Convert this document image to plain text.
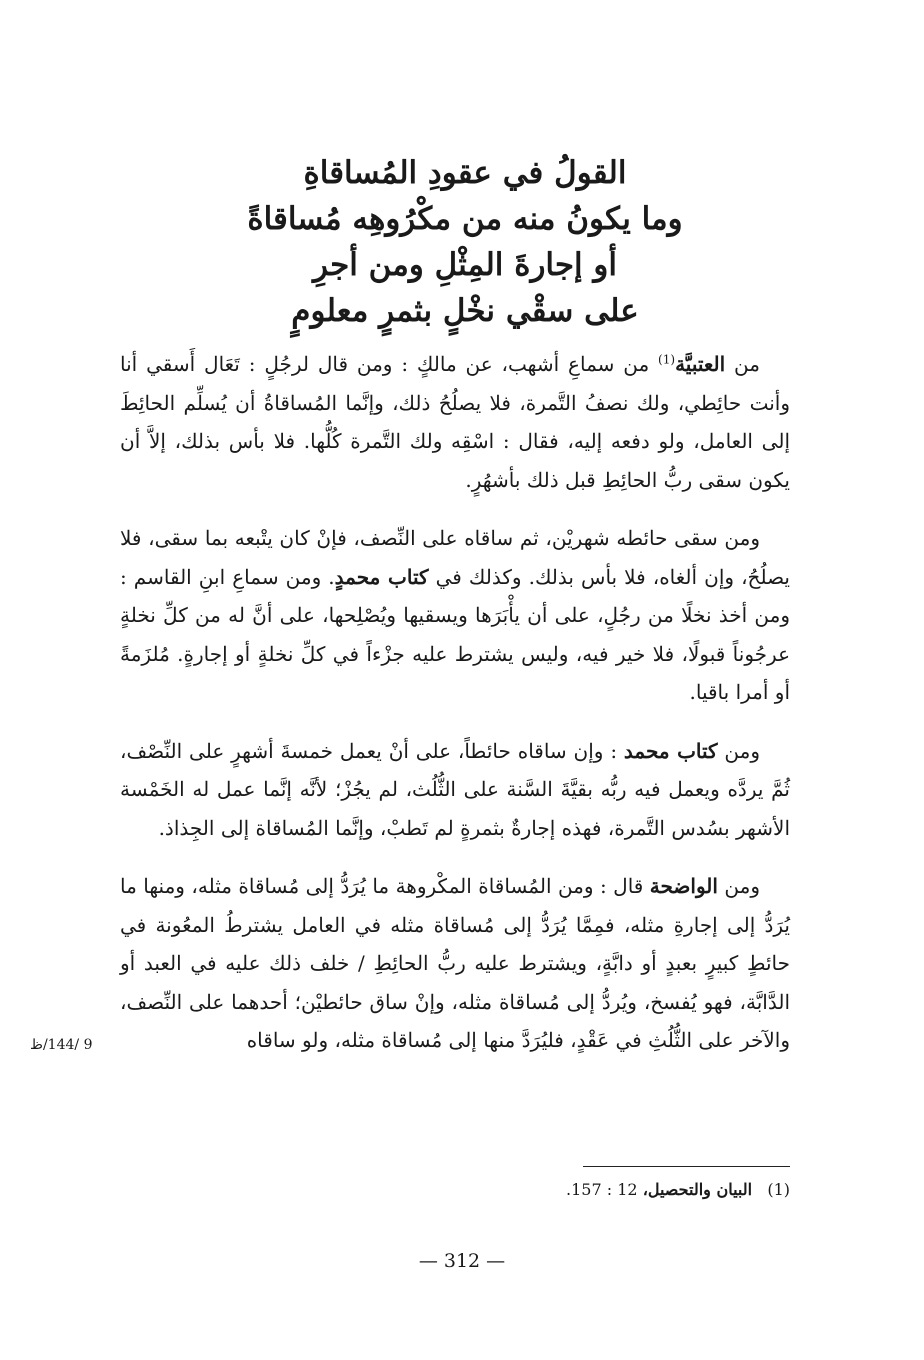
القولُ في عقودِ المُساقاةِ
وما يكونُ منه من مكْرُوهِه مُساقاةً
أو إجارةَ المِثْلِ ومن أجرِ
على سقْي نخْلٍ بثمرٍ معلومٍ

من العتبيَّة$^{(1)}$ من سماعِ أشهب، عن مالكٍ : ومن قال لرجُلٍ : تَعَال أَسقي أنا وأنت حائِطي، ولك نصفُ التَّمرة، فلا يصلُحُ ذلك، وإنَّما المُساقاةُ أن يُسلِّم الحائِطَ إلى العامل، ولو دفعه إليه، فقال : اسْقِه ولك التَّمرة كُلُّها. فلا بأس بذلك، إلاَّ أن يكون سقى ربُّ الحائِطِ قبل ذلك بأشهُرٍ.

ومن سقى حائطه شهريْن، ثم ساقاه على النِّصف، فإنْ كان يتْبعه بما سقى، فلا يصلُحُ، وإن ألغاه، فلا بأس بذلك. وكذلك في كتاب محمدٍ. ومن سماعِ ابنِ القاسم : ومن أخذ نخلًا من رجُلٍ، على أن يأْبَرَها ويسقيها ويُصْلِحها، على أنَّ له من كلِّ نخلةٍ عرجُوناً قبولًا، فلا خير فيه، وليس يشترط عليه جزْءاً في كلِّ نخلةٍ أو إجارةٍ. مُلزَمةً أو أمرا باقيا.

ومن كتاب محمد : وإن ساقاه حائطاً، على أنْ يعمل خمسةَ أشهرٍ على النِّصْف، ثُمَّ يردَّه ويعمل فيه ربُّه بقيَّةَ السَّنة على الثُّلُث، لم يجُزْ؛ لأنَّه إنَّما عمل له الخَمْسة الأشهر بسُدس التَّمرة، فهذه إجارةٌ بثمرةٍ لم تَطبْ، وإنَّما المُساقاة إلى الجِذاذ.

ومن الواضحة قال : ومن المُساقاة المكْروهة ما يُرَدُّ إلى مُساقاة مثله، ومنها ما يُرَدُّ إلى إجارةِ مثله، فمِمَّا يُرَدُّ إلى مُساقاة مثله في العامل يشترطُ المعُونة في حائطٍ كبيرٍ بعبدٍ أو دابَّةٍ، ويشترط عليه ربُّ الحائِطِ / خلف ذلك عليه في العبد أو الدَّابَّة، فهو يُفسخ، ويُردُّ إلى مُساقاة مثله، وإنْ ساق حائطيْن؛ أحدهما على النِّصف، والآخر على الثُّلُثِ في عَقْدٍ، فليُرَدَّ منها إلى مُساقاة مثله، ولو ساقاه

9 /144/ظ
(1)   البيان والتحصيل، 12 : 157.
— 312 —
